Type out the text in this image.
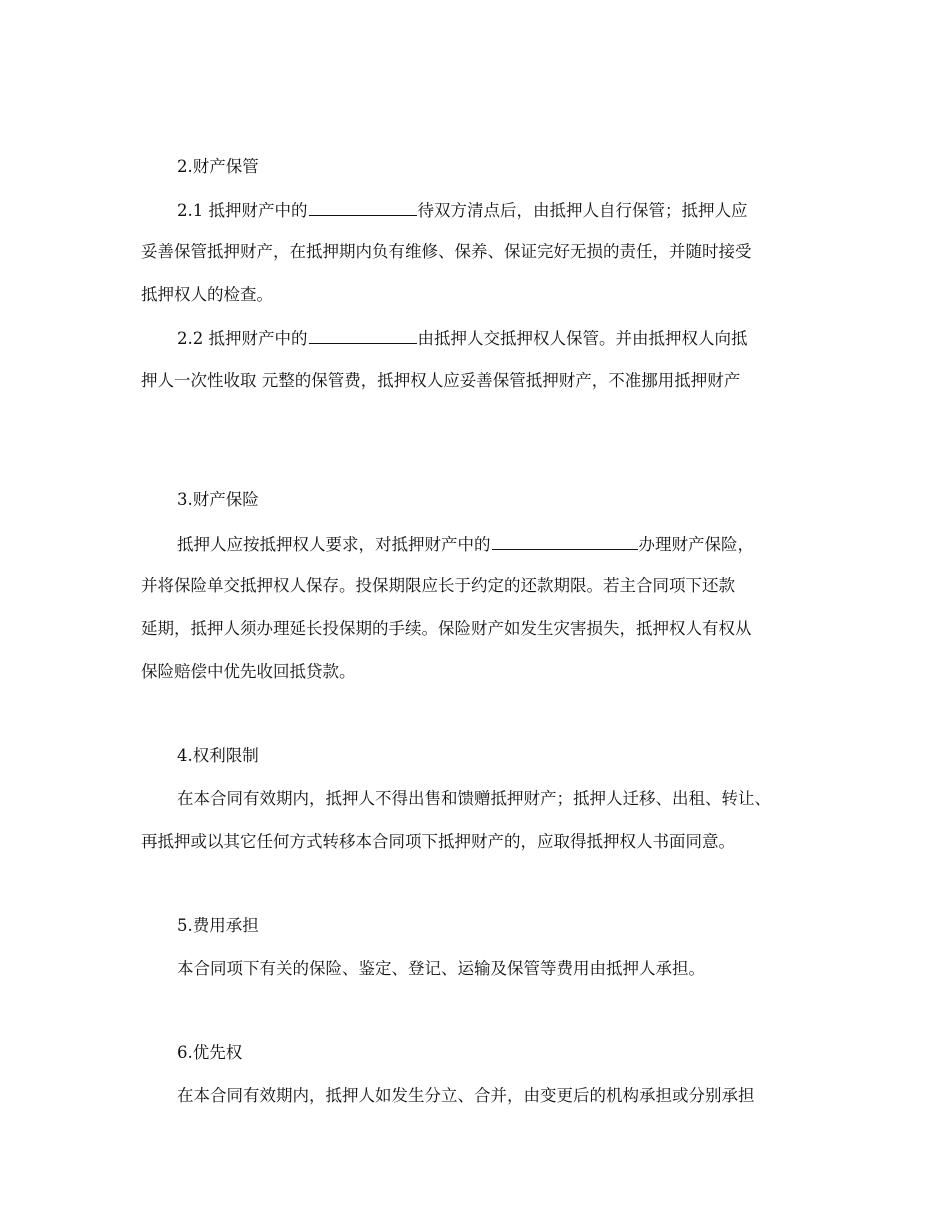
2.财产保管
2.1 抵押财产中的	待双方清点后，由抵押人自行保管；抵押人应
妥善保管抵押财产，在抵押期内负有维修、保养、保证完好无损的责任，并随时接受
抵押权人的检查。
2.2 抵押财产中的	由抵押人交抵押权人保管。并由抵押权人向抵
押人一次性收取 元整的保管费，抵押权人应妥善保管抵押财产，不准挪用抵押财产
3.财产保险
抵押人应按抵押权人要求，对抵押财产中的	办理财产保险，
并将保险单交抵押权人保存。投保期限应长于约定的还款期限。若主合同项下还款
延期，抵押人须办理延长投保期的手续。保险财产如发生灾害损失，抵押权人有权从
保险赔偿中优先收回抵贷款。
4.权利限制
在本合同有效期内，抵押人不得出售和馈赠抵押财产；抵押人迁移、出租、转让、
再抵押或以其它任何方式转移本合同项下抵押财产的，应取得抵押权人书面同意。
5.费用承担
本合同项下有关的保险、鉴定、登记、运输及保管等费用由抵押人承担。
6.优先权
在本合同有效期内，抵押人如发生分立、合并，由变更后的机构承担或分别承担
